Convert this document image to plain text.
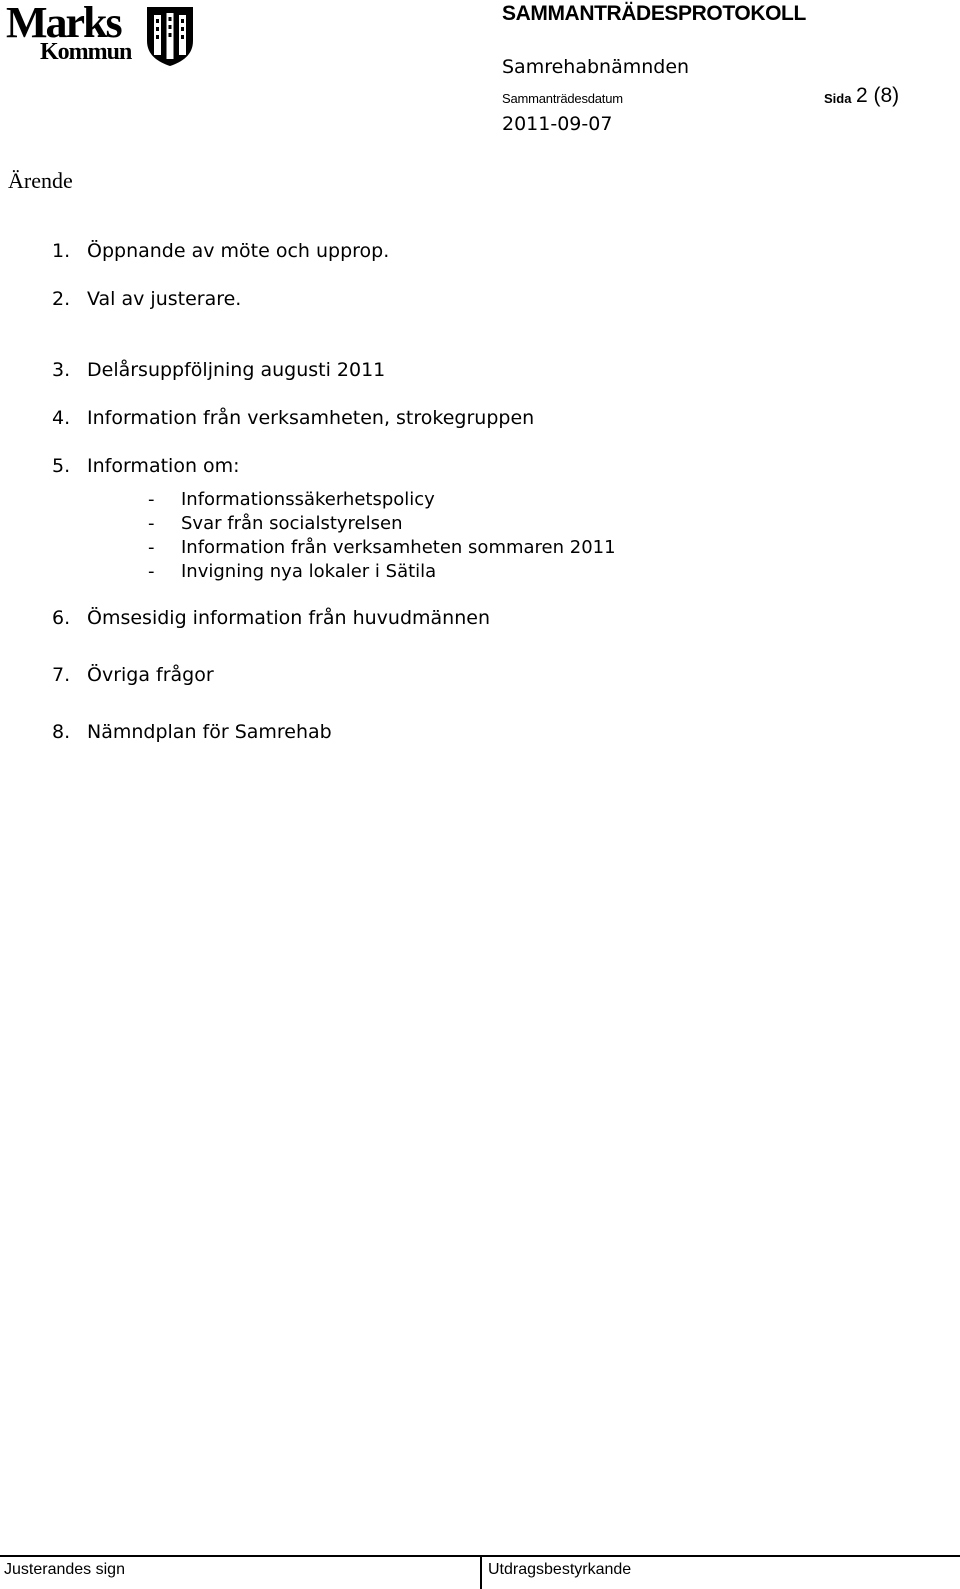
Marks
Kommun
SAMMANTRÄDESPROTOKOLL
Samrehabnämnden
Sammanträdesdatum	Sida 2 (8)
2011-09-07
Ärende
1. Öppnande av möte och upprop.
2. Val av justerare.
3. Delårsuppföljning augusti 2011
4. Information från verksamheten, strokegruppen
5. Information om:
- Informationssäkerhetspolicy
- Svar från socialstyrelsen
- Information från verksamheten sommaren 2011
- Invigning nya lokaler i Sätila
6. Ömsesidig information från huvudmännen
7. Övriga frågor
8. Nämndplan för Samrehab
Justerandes sign	Utdragsbestyrkande
